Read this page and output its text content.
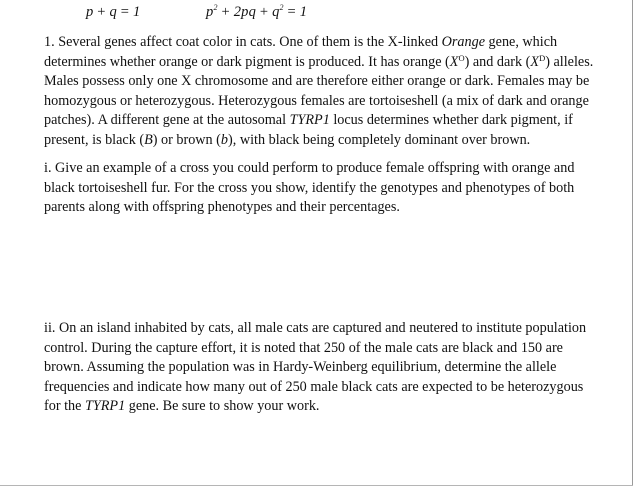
p + q = 1	$p^2 + 2pq + q^2 = 1$
1. Several genes affect coat color in cats. One of them is the X-linked Orange gene, which
determines whether orange or dark pigment is produced. It has orange $(X^O)$ and dark $(X^D)$ alleles.
Males possess only one X chromosome and are therefore either orange or dark. Females may be
homozygous or heterozygous. Heterozygous females are tortoiseshell (a mix of dark and orange
patches). A different gene at the autosomal TYRP1 locus determines whether dark pigment, if
present, is black (B) or brown (b), with black being completely dominant over brown.
i. Give an example of a cross you could perform to produce female offspring with orange and
black tortoiseshell fur. For the cross you show, identify the genotypes and phenotypes of both
parents along with offspring phenotypes and their percentages.
ii. On an island inhabited by cats, all male cats are captured and neutered to institute population
control. During the capture effort, it is noted that 250 of the male cats are black and 150 are
brown. Assuming the population was in Hardy-Weinberg equilibrium, determine the allele
frequencies and indicate how many out of 250 male black cats are expected to be heterozygous
for the TYRP1 gene. Be sure to show your work.
